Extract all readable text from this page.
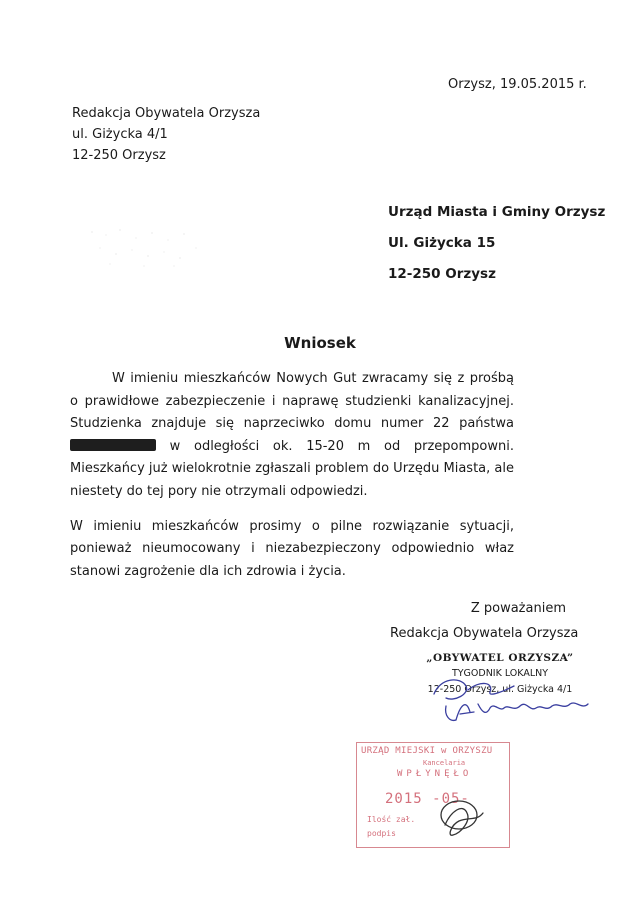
Orzysz, 19.05.2015 r.
Redakcja Obywatela Orzysza
ul. Giżycka 4/1
12-250 Orzysz
Urząd Miasta i Gminy Orzysz
Ul. Giżycka 15
12-250 Orzysz
Wniosek

W imieniu mieszkańców Nowych Gut zwracamy się z prośbą o prawidłowe zabezpieczenie i naprawę studzienki kanalizacyjnej. Studzienka znajduje się naprzeciwko domu numer 22 państwa  w odległości ok. 15-20 m od przepompowni. Mieszkańcy już wielokrotnie zgłaszali problem do Urzędu Miasta, ale niestety do tej pory nie otrzymali odpowiedzi.

W imieniu mieszkańców prosimy o pilne rozwiązanie sytuacji, ponieważ nieumocowany i niezabezpieczony odpowiednio właz stanowi zagrożenie dla ich zdrowia i życia.

Z poważaniem
Redakcja Obywatela Orzysza
„OBYWATEL ORZYSZA”
TYGODNIK LOKALNY
12-250 Orzysz, ul. Giżycka 4/1
URZĄD MIEJSKI w ORZYSZU
Kancelaria
WPŁYNĘŁO
2015 -05-
Ilość zał.
podpis
